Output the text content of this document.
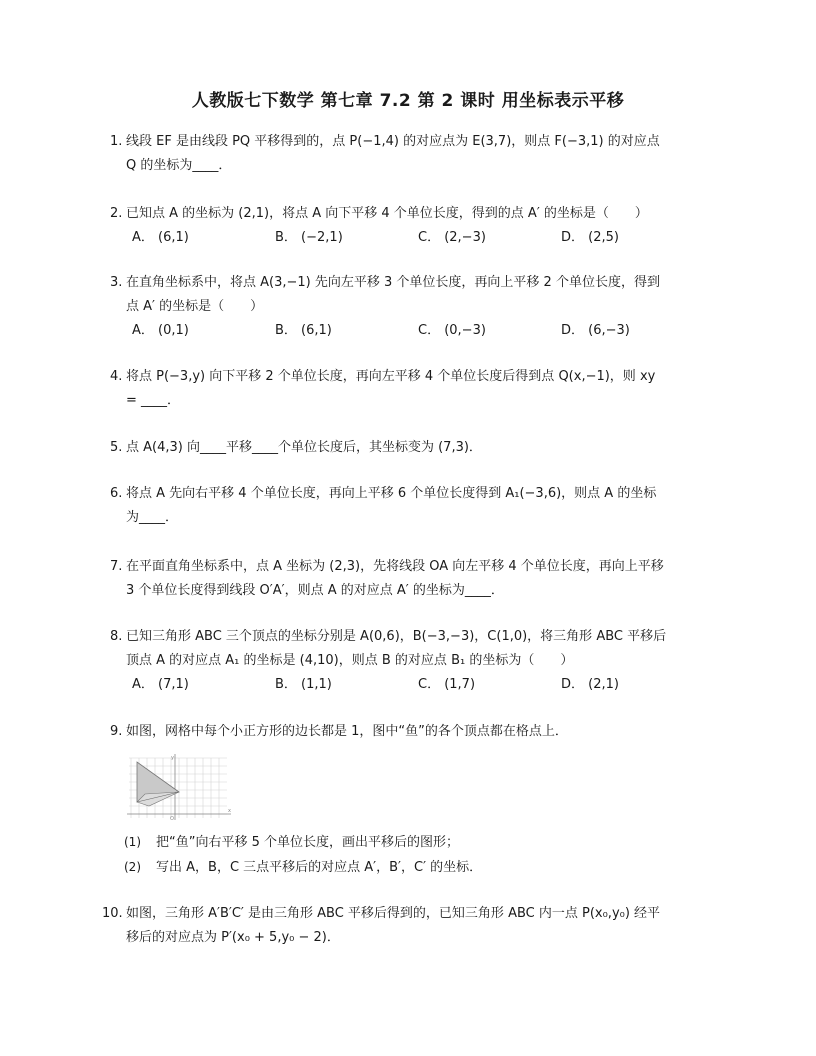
人教版七下数学 第七章 7.2 第 2 课时 用坐标表示平移
1. 线段 EF 是由线段 PQ 平移得到的，点 P(−1,4) 的对应点为 E(3,7)，则点 F(−3,1) 的对应点
Q 的坐标为____．
2. 已知点 A 的坐标为 (2,1)，将点 A 向下平移 4 个单位长度，得到的点 A′ 的坐标是（　　）
A． (6,1)	B． (−2,1)	C． (2,−3)	D． (2,5)
3. 在直角坐标系中，将点 A(3,−1) 先向左平移 3 个单位长度，再向上平移 2 个单位长度，得到
点 A′ 的坐标是（　　）
A． (0,1)	B． (6,1)	C． (0,−3)	D． (6,−3)
4. 将点 P(−3,y) 向下平移 2 个单位长度，再向左平移 4 个单位长度后得到点 Q(x,−1)，则 xy
= ____．
5. 点 A(4,3) 向____平移____个单位长度后，其坐标变为 (7,3)．
6. 将点 A 先向右平移 4 个单位长度，再向上平移 6 个单位长度得到 A₁(−3,6)，则点 A 的坐标
为____．
7. 在平面直角坐标系中，点 A 坐标为 (2,3)，先将线段 OA 向左平移 4 个单位长度，再向上平移
3 个单位长度得到线段 O′A′，则点 A 的对应点 A′ 的坐标为____．
8. 已知三角形 ABC 三个顶点的坐标分别是 A(0,6)，B(−3,−3)，C(1,0)，将三角形 ABC 平移后
顶点 A 的对应点 A₁ 的坐标是 (4,10)，则点 B 的对应点 B₁ 的坐标为（　　）
A． (7,1)	B． (1,1)	C． (1,7)	D． (2,1)
9. 如图，网格中每个小正方形的边长都是 1，图中“鱼”的各个顶点都在格点上．
y
x
O
(1) 把“鱼”向右平移 5 个单位长度，画出平移后的图形；
(2) 写出 A，B，C 三点平移后的对应点 A′，B′，C′ 的坐标．
10. 如图，三角形 A′B′C′ 是由三角形 ABC 平移后得到的，已知三角形 ABC 内一点 P(x₀,y₀) 经平
移后的对应点为 P′(x₀ + 5,y₀ − 2)．
